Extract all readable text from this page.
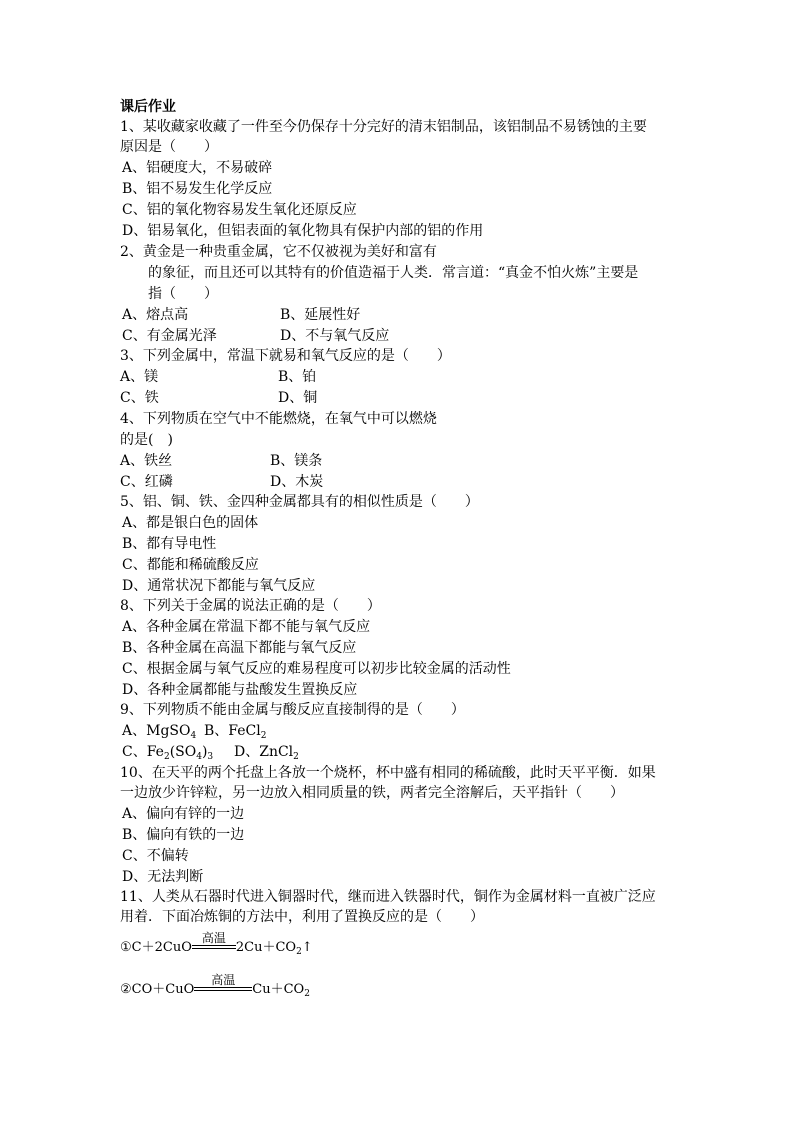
课后作业
1、某收藏家收藏了一件至今仍保存十分完好的清末铝制品，该铝制品不易锈蚀的主要
原因是（　　）
A、铝硬度大，不易破碎
B、铝不易发生化学反应
C、铝的氧化物容易发生氧化还原反应
D、铝易氧化，但铝表面的氧化物具有保护内部的铝的作用
2、黄金是一种贵重金属，它不仅被视为美好和富有
的象征，而且还可以其特有的价值造福于人类．常言道：“真金不怕火炼”主要是
指（　　）
A、熔点高	B、延展性好
C、有金属光泽	D、不与氧气反应
3、下列金属中，常温下就易和氧气反应的是（　　）
A、镁	B、铂
C、铁	D、铜
4、下列物质在空气中不能燃烧，在氧气中可以燃烧
的是(　)
A、铁丝	B、镁条
C、红磷	D、木炭
5、铝、铜、铁、金四种金属都具有的相似性质是（　　）
A、都是银白色的固体
B、都有导电性
C、都能和稀硫酸反应
D、通常状况下都能与氧气反应
8、下列关于金属的说法正确的是（　　）
A、各种金属在常温下都不能与氧气反应
B、各种金属在高温下都能与氧气反应
C、根据金属与氧气反应的难易程度可以初步比较金属的活动性
D、各种金属都能与盐酸发生置换反应
9、下列物质不能由金属与酸反应直接制得的是（　　）
A、MgSO$_4$ B、FeCl$_2$
C、$Fe_2(SO_4)_3$ D、ZnCl$_2$
10、在天平的两个托盘上各放一个烧杯，杯中盛有相同的稀硫酸，此时天平平衡．如果
一边放少许锌粒，另一边放入相同质量的铁，两者完全溶解后，天平指针（　　）
A、偏向有锌的一边
B、偏向有铁的一边
C、不偏转
D、无法判断
11、人类从石器时代进入铜器时代，继而进入铁器时代，铜作为金属材料一直被广泛应
用着．下面冶炼铜的方法中，利用了置换反应的是（　　）
①C＋2CuO
高温
$2Cu+CO_2↑$
②CO＋CuO
高温
$Cu+CO_2$
